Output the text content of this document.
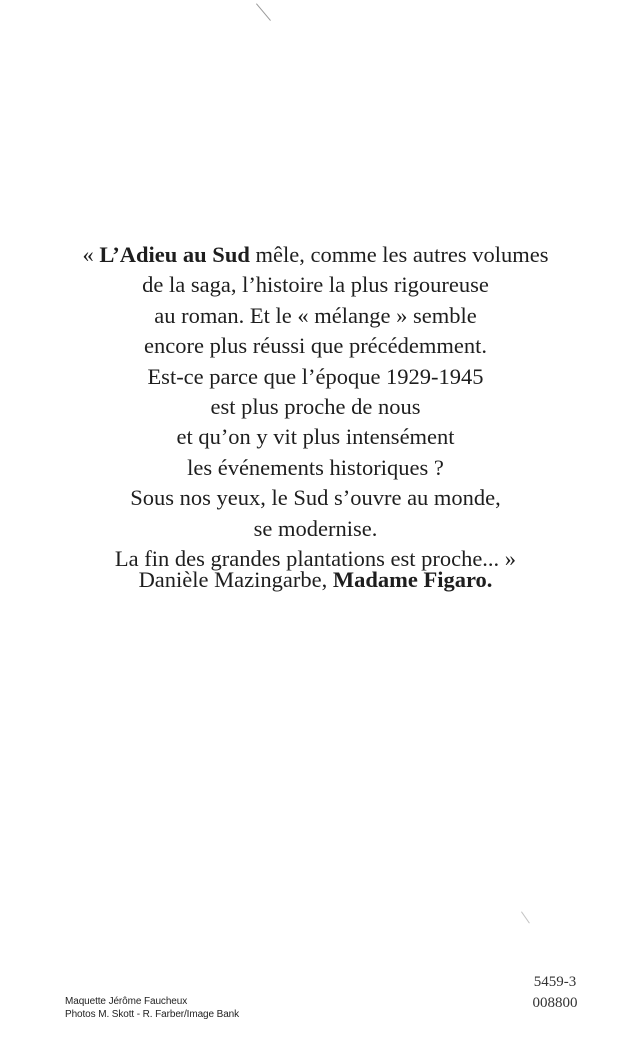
« L’Adieu au Sud mêle, comme les autres volumes
de la saga, l’histoire la plus rigoureuse
au roman. Et le « mélange » semble
encore plus réussi que précédemment.
Est-ce parce que l’époque 1929-1945
est plus proche de nous
et qu’on y vit plus intensément
les événements historiques ?
Sous nos yeux, le Sud s’ouvre au monde,
se modernise.
La fin des grandes plantations est proche... »
Danièle Mazingarbe, Madame Figaro.
Maquette Jérôme Faucheux
Photos M. Skott - R. Farber/Image Bank
5459-3
008800
